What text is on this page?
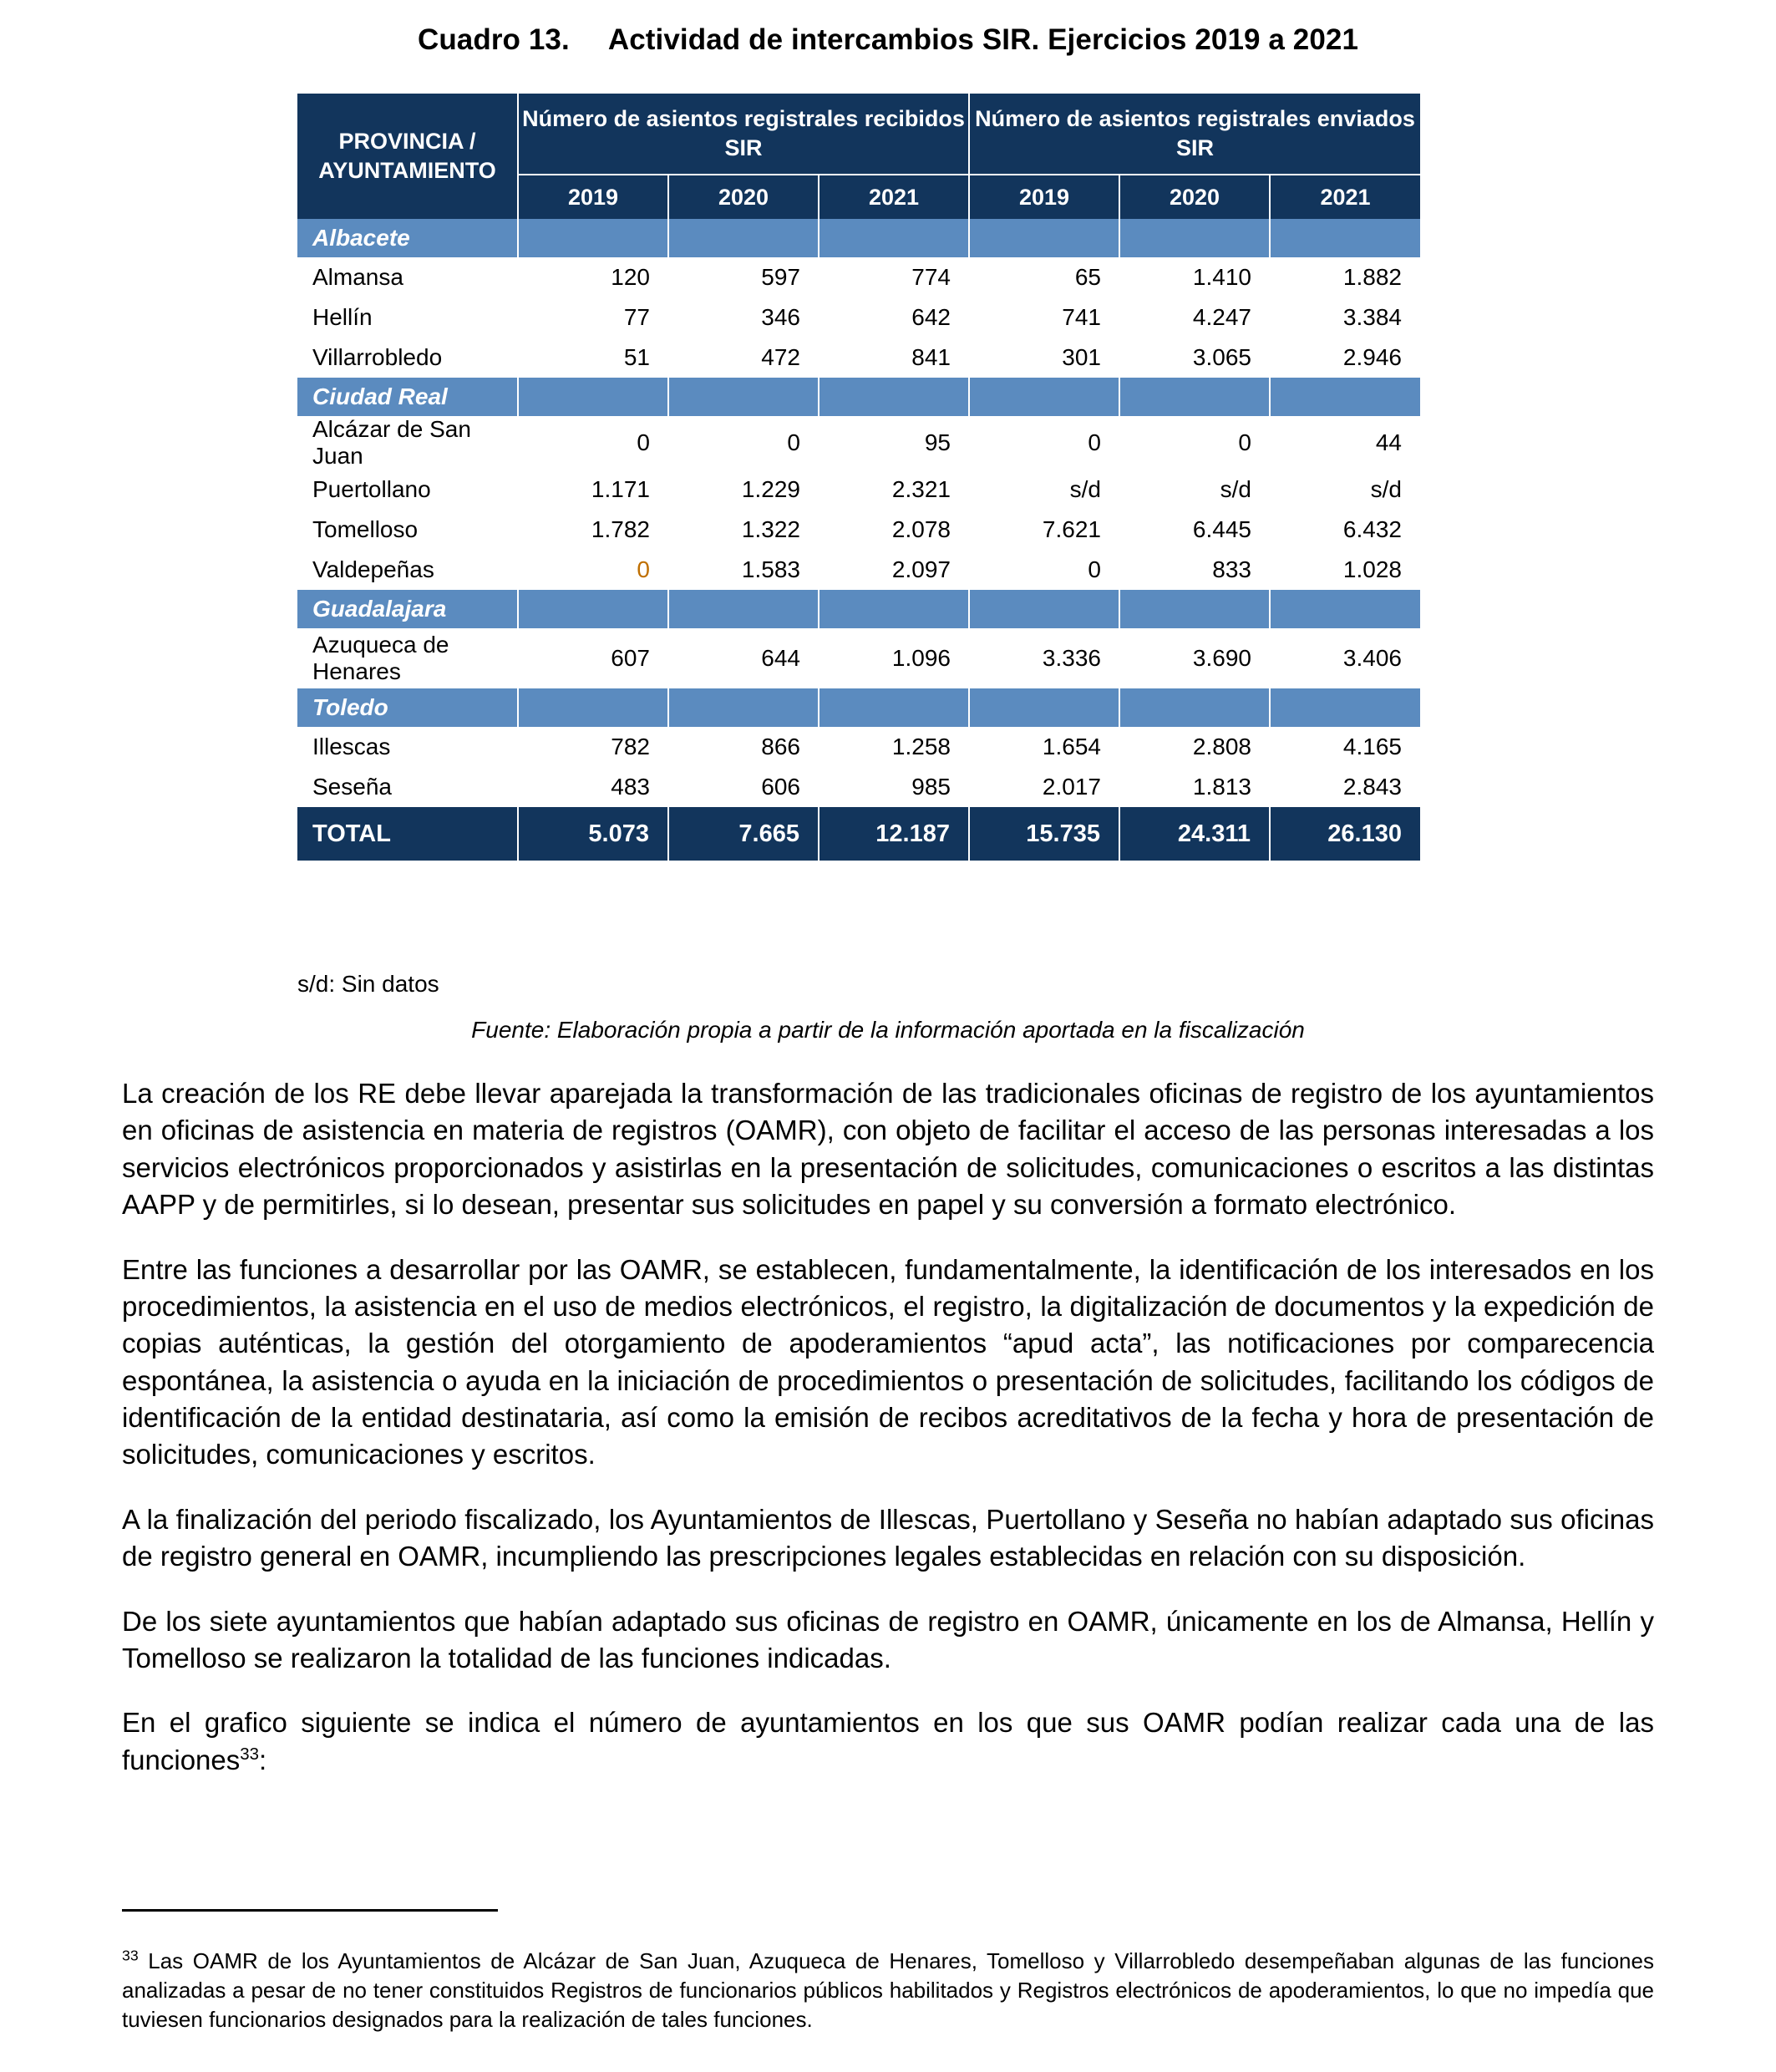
Cuadro 13. Actividad de intercambios SIR. Ejercicios 2019 a 2021
PROVINCIA / AYUNTAMIENTO	Número de asientos registrales recibidos SIR			Número de asientos registrales enviados SIR		
	2019	2020	2021	2019	2020	2021
Albacete						
Almansa	120	597	774	65	1.410	1.882
Hellín	77	346	642	741	4.247	3.384
Villarrobledo	51	472	841	301	3.065	2.946
Ciudad Real						
Alcázar de San Juan	0	0	95	0	0	44
Puertollano	1.171	1.229	2.321	s/d	s/d	s/d
Tomelloso	1.782	1.322	2.078	7.621	6.445	6.432
Valdepeñas	0	1.583	2.097	0	833	1.028
Guadalajara						
Azuqueca de Henares	607	644	1.096	3.336	3.690	3.406
Toledo						
Illescas	782	866	1.258	1.654	2.808	4.165
Seseña	483	606	985	2.017	1.813	2.843
TOTAL	5.073	7.665	12.187	15.735	24.311	26.130
s/d: Sin datos
Fuente: Elaboración propia a partir de la información aportada en la fiscalización

La creación de los RE debe llevar aparejada la transformación de las tradicionales oficinas de registro de los ayuntamientos en oficinas de asistencia en materia de registros (OAMR), con objeto de facilitar el acceso de las personas interesadas a los servicios electrónicos proporcionados y asistirlas en la presentación de solicitudes, comunicaciones o escritos a las distintas AAPP y de permitirles, si lo desean, presentar sus solicitudes en papel y su conversión a formato electrónico.

Entre las funciones a desarrollar por las OAMR, se establecen, fundamentalmente, la identificación de los interesados en los procedimientos, la asistencia en el uso de medios electrónicos, el registro, la digitalización de documentos y la expedición de copias auténticas, la gestión del otorgamiento de apoderamientos “apud acta”, las notificaciones por comparecencia espontánea, la asistencia o ayuda en la iniciación de procedimientos o presentación de solicitudes, facilitando los códigos de identificación de la entidad destinataria, así como la emisión de recibos acreditativos de la fecha y hora de presentación de solicitudes, comunicaciones y escritos.

A la finalización del periodo fiscalizado, los Ayuntamientos de Illescas, Puertollano y Seseña no habían adaptado sus oficinas de registro general en OAMR, incumpliendo las prescripciones legales establecidas en relación con su disposición.

De los siete ayuntamientos que habían adaptado sus oficinas de registro en OAMR, únicamente en los de Almansa, Hellín y Tomelloso se realizaron la totalidad de las funciones indicadas.

En el grafico siguiente se indica el número de ayuntamientos en los que sus OAMR podían realizar cada una de las funciones$^{33}$:

$^{33}$ Las OAMR de los Ayuntamientos de Alcázar de San Juan, Azuqueca de Henares, Tomelloso y Villarrobledo desempeñaban algunas de las funciones analizadas a pesar de no tener constituidos Registros de funcionarios públicos habilitados y Registros electrónicos de apoderamientos, lo que no impedía que tuviesen funcionarios designados para la realización de tales funciones.
